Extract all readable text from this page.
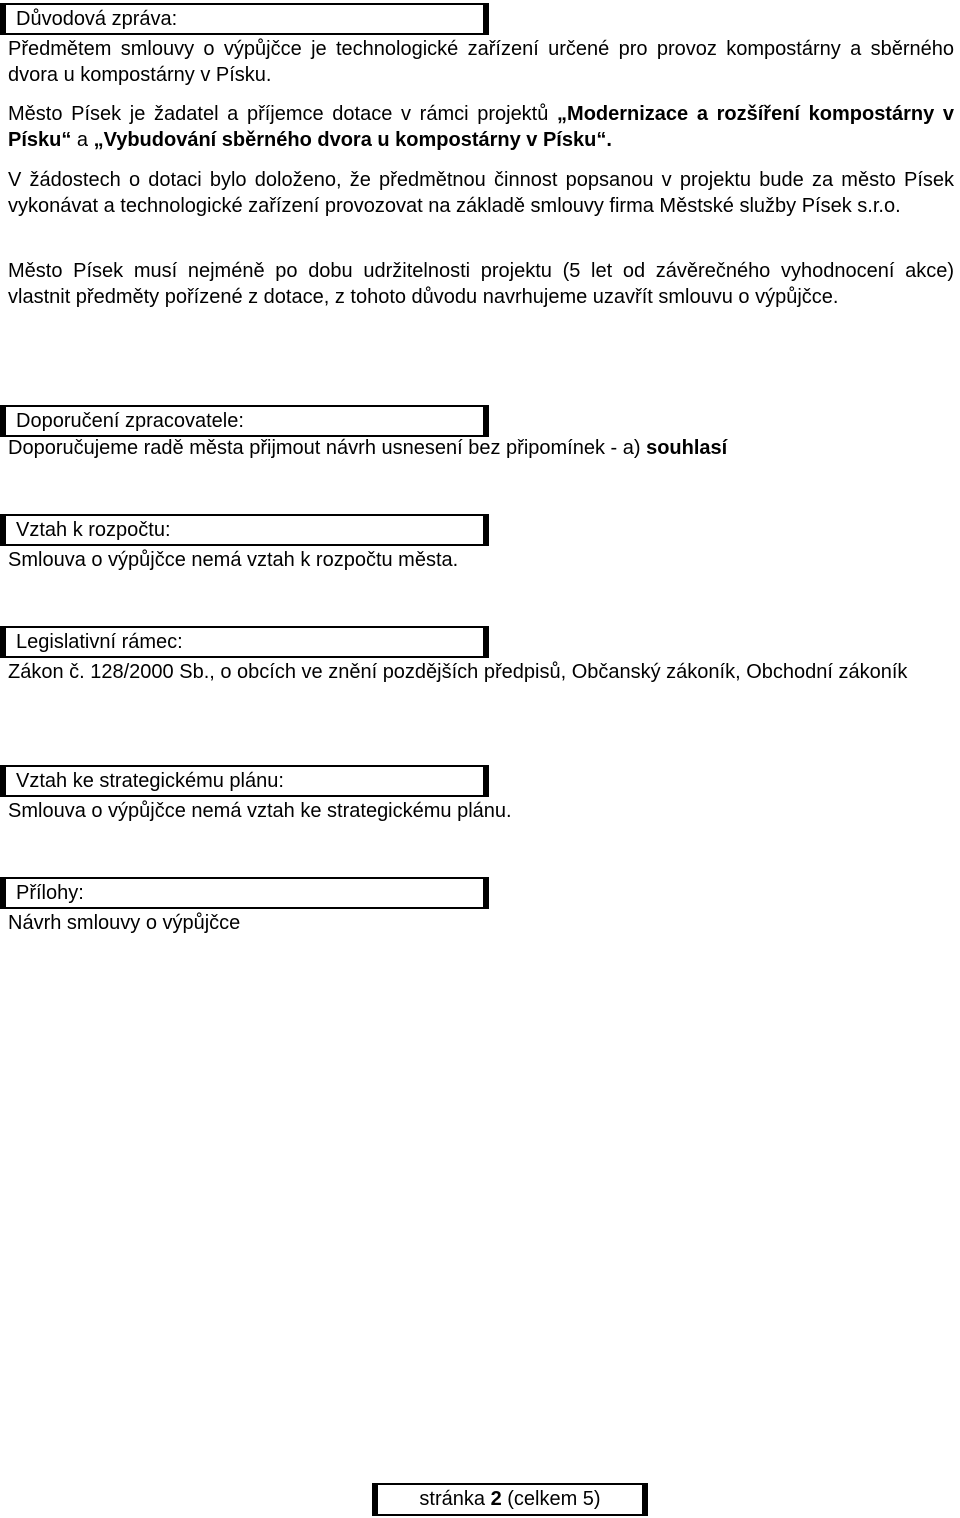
Důvodová zpráva:
Předmětem smlouvy o výpůjčce je technologické zařízení určené pro provoz kompostárny a sběrného dvora u kompostárny v Písku.
Město Písek je žadatel a příjemce dotace v rámci projektů „Modernizace a rozšíření kompostárny v Písku“ a „Vybudování sběrného dvora u kompostárny v Písku“.
V žádostech o dotaci bylo doloženo, že předmětnou činnost popsanou v projektu bude za město Písek vykonávat a technologické zařízení provozovat na základě smlouvy firma Městské služby Písek s.r.o.
Město Písek musí nejméně po dobu udržitelnosti projektu (5 let od závěrečného vyhodnocení akce) vlastnit předměty pořízené z dotace, z tohoto důvodu navrhujeme uzavřít smlouvu o výpůjčce.
Doporučení zpracovatele:
Doporučujeme radě města přijmout návrh usnesení bez připomínek - a) souhlasí
Vztah k rozpočtu:
Smlouva o výpůjčce nemá vztah k rozpočtu města.
Legislativní rámec:
Zákon č. 128/2000 Sb., o obcích ve znění pozdějších předpisů, Občanský zákoník, Obchodní zákoník
Vztah ke strategickému plánu:
Smlouva o výpůjčce nemá vztah ke strategickému plánu.
Přílohy:
Návrh smlouvy o výpůjčce
stránka 2 (celkem 5)
